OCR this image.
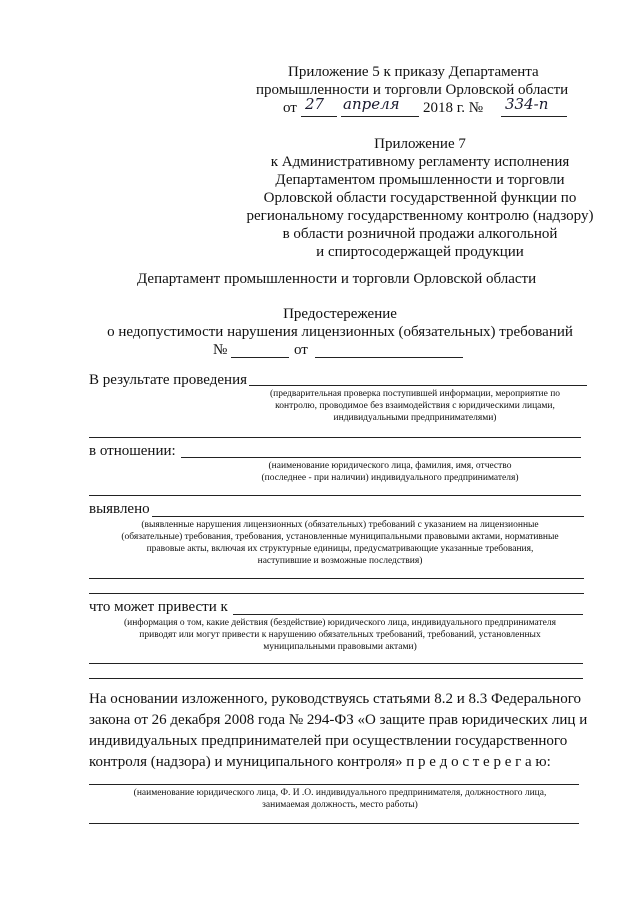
Приложение 5 к приказу Департамента
промышленности и торговли Орловской области
от 27 апреля 2018 г. № 334-п
Приложение 7
к Административному регламенту исполнения
Департаментом промышленности и торговли
Орловской области государственной функции по
региональному государственному контролю (надзору)
в области розничной продажи алкогольной
и спиртосодержащей продукции
Департамент промышленности и торговли Орловской области
Предостережение
о недопустимости нарушения лицензионных (обязательных) требований
№	от
В результате проведения
(предварительная проверка поступившей информации, мероприятие по
контролю, проводимое без взаимодействия с юридическими лицами,
индивидуальными предпринимателями)
в отношении:
(наименование юридического лица, фамилия, имя, отчество
(последнее - при наличии) индивидуального предпринимателя)
выявлено
(выявленные нарушения лицензионных (обязательных) требований с указанием на лицензионные
(обязательные) требования, требования, установленные муниципальными правовыми актами, нормативные
правовые акты, включая их структурные единицы, предусматривающие указанные требования,
наступившие и возможные последствия)
что может привести к
(информация о том, какие действия (бездействие) юридического лица, индивидуального предпринимателя
приводят или могут привести к нарушению обязательных требований, требований, установленных
муниципальными правовыми актами)
На основании изложенного, руководствуясь статьями 8.2 и 8.3 Федерального
закона от 26 декабря 2008 года № 294-ФЗ «О защите прав юридических лиц и
индивидуальных предпринимателей при осуществлении государственного
контроля (надзора) и муниципального контроля» п р е д о с т е р е г а ю:
(наименование юридического лица, Ф. И .О. индивидуального предпринимателя, должностного лица,
занимаемая должность, место работы)
